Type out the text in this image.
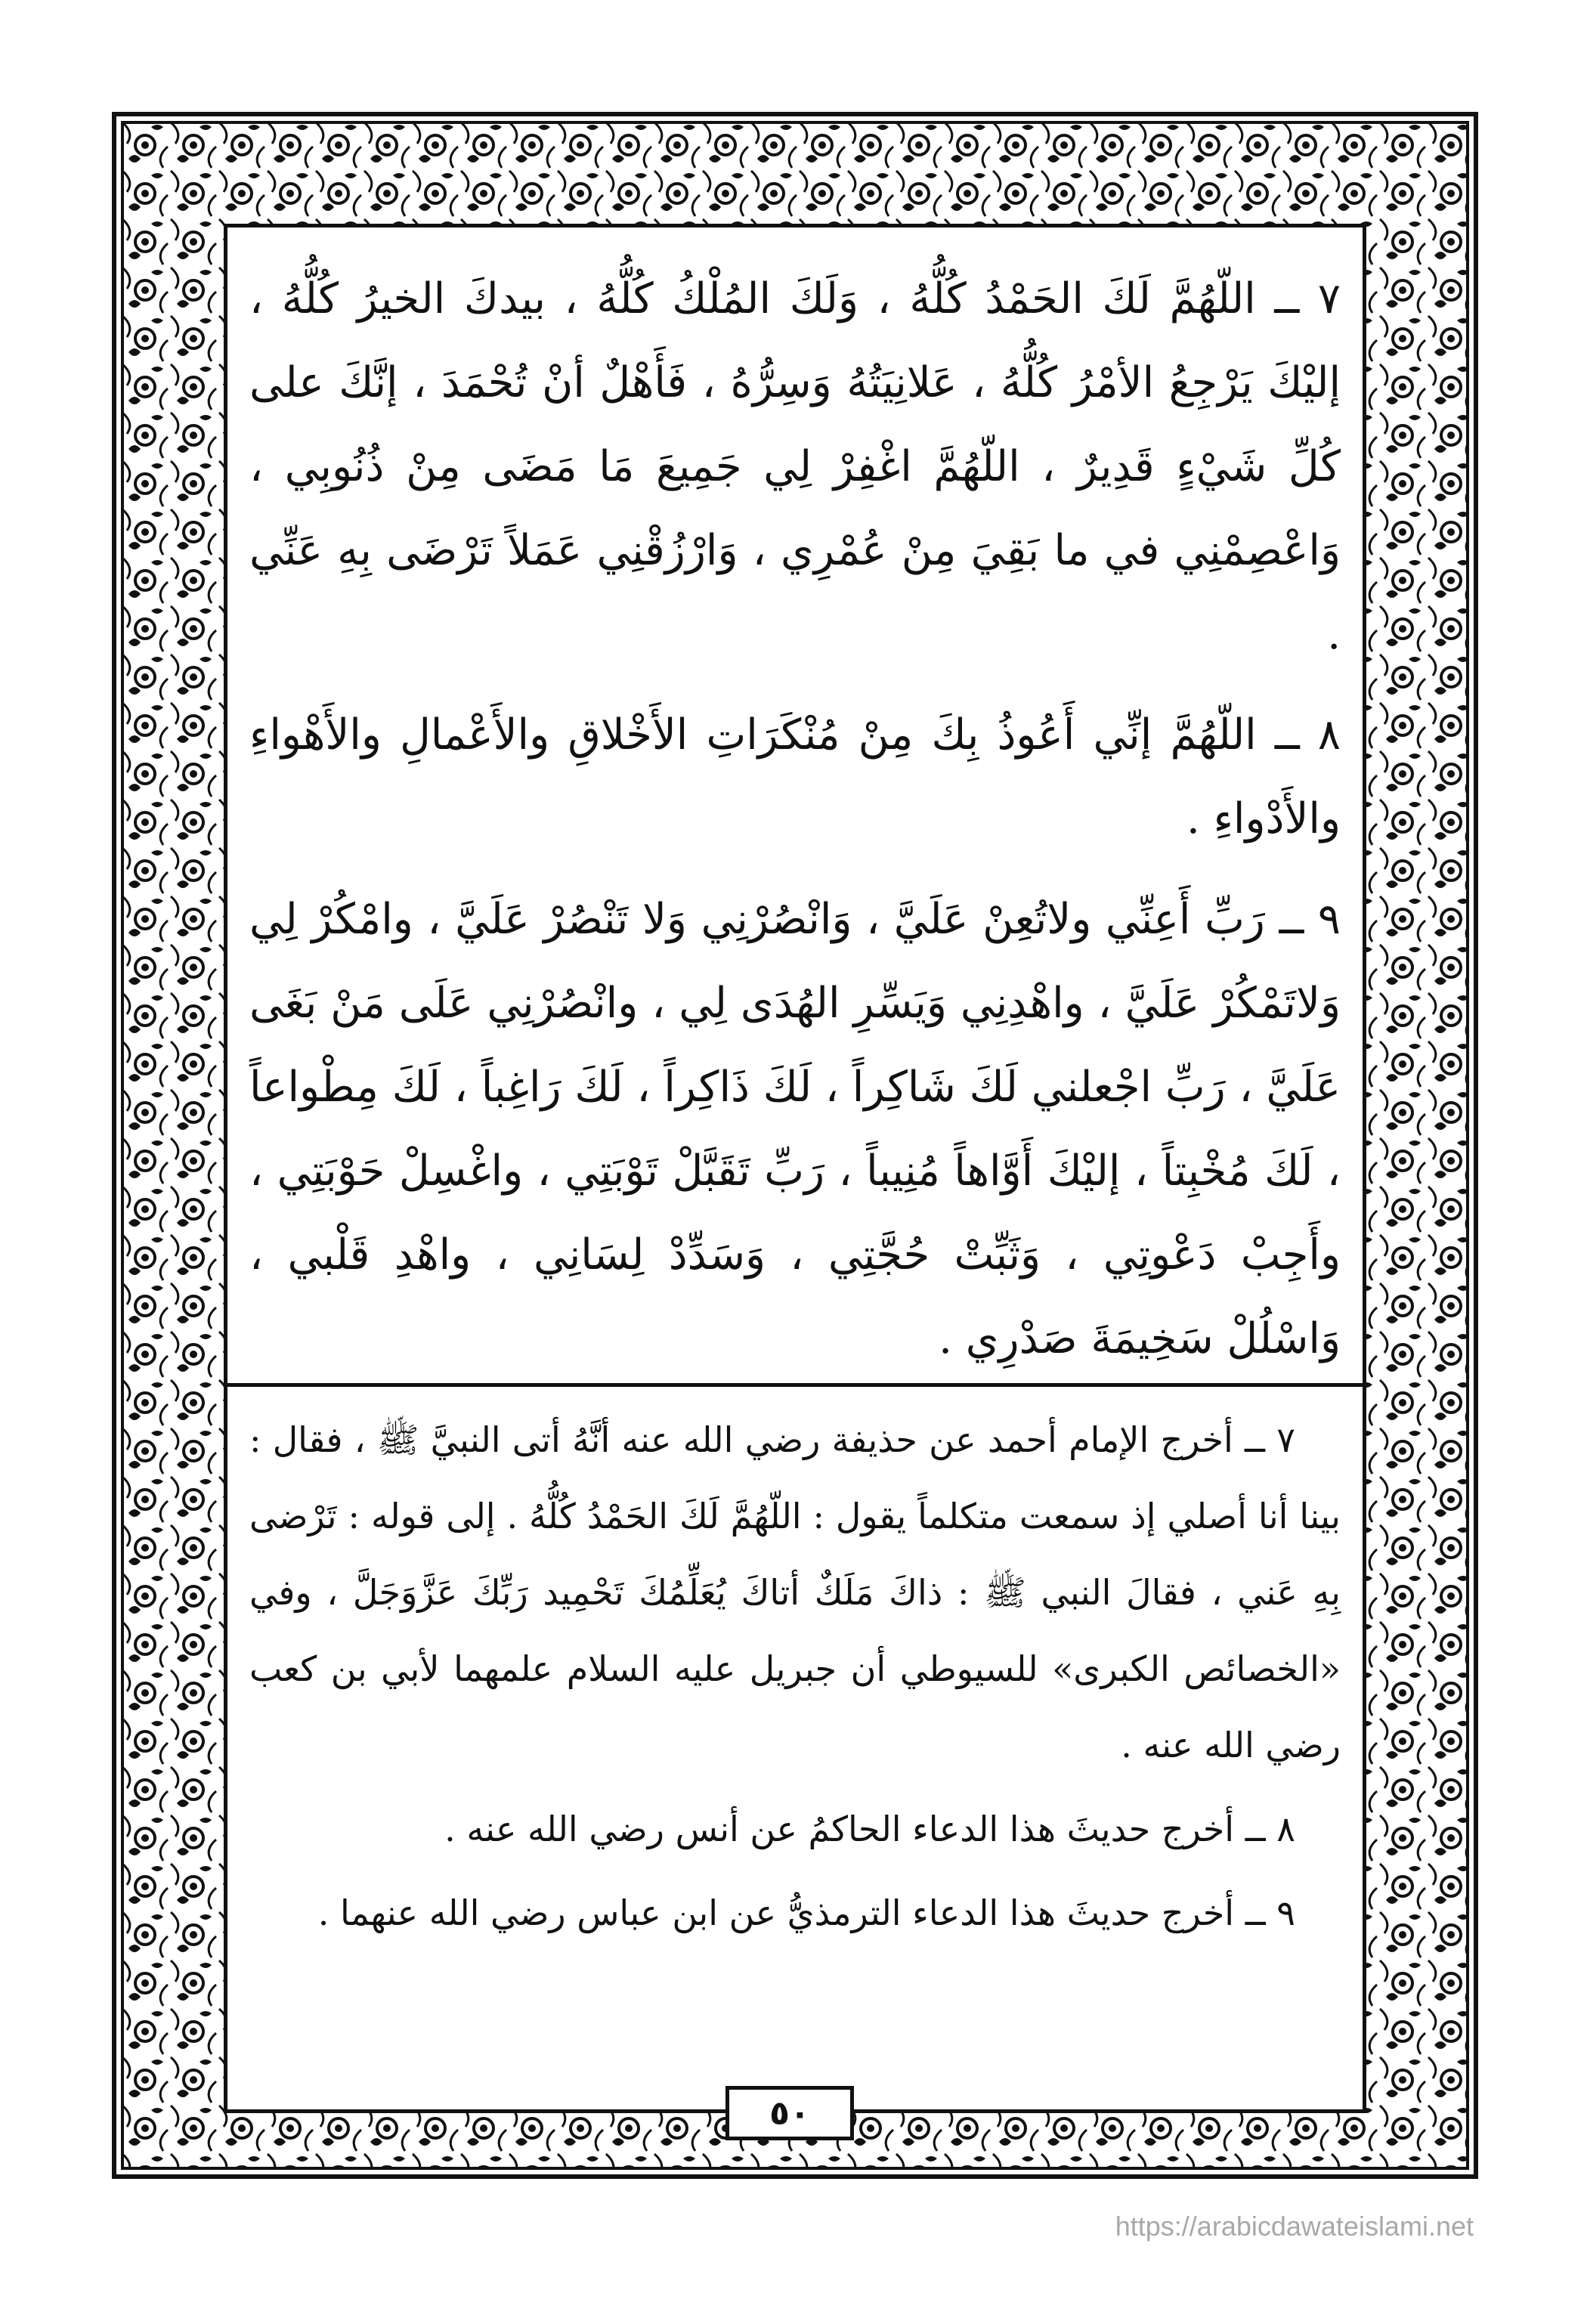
٧ ــ اللّهُمَّ لَكَ الحَمْدُ كُلُّهُ ، وَلَكَ المُلْكُ كُلُّهُ ، بيدكَ الخيرُ كُلُّهُ ، إليْكَ يَرْجِعُ الأمْرُ كُلُّهُ ، عَلانِيَتُهُ وَسِرُّهُ ، فَأَهْلٌ أنْ تُحْمَدَ ، إنَّكَ على كُلِّ شَيْءٍ قَدِيرٌ ، اللّهُمَّ اغْفِرْ لِي جَمِيعَ مَا مَضَى مِنْ ذُنُوبِي ، وَاعْصِمْنِي في ما بَقِيَ مِنْ عُمْرِي ، وَارْزُقْنِي عَمَلاً تَرْضَى بِهِ عَنِّي .

٨ ــ اللّهُمَّ إنِّي أَعُوذُ بِكَ مِنْ مُنْكَرَاتِ الأَخْلاقِ والأَعْمالِ والأَهْواءِ والأَدْواءِ .

٩ ــ رَبِّ أَعِنِّي ولاتُعِنْ عَلَيَّ ، وَانْصُرْنِي وَلا تَنْصُرْ عَلَيَّ ، وامْكُرْ لِي وَلاتَمْكُرْ عَلَيَّ ، واهْدِنِي وَيَسِّرِ الهُدَى لِي ، وانْصُرْنِي عَلَى مَنْ بَغَى عَلَيَّ ، رَبِّ اجْعلني لَكَ شَاكِراً ، لَكَ ذَاكِراً ، لَكَ رَاغِباً ، لَكَ مِطْواعاً ، لَكَ مُخْبِتاً ، إليْكَ أَوَّاهاً مُنِيباً ، رَبِّ تَقَبَّلْ تَوْبَتِي ، واغْسِلْ حَوْبَتِي ، وأَجِبْ دَعْوتِي ، وَثَبِّتْ حُجَّتِي ، وَسَدِّدْ لِسَانِي ، واهْدِ قَلْبي ، وَاسْلُلْ سَخِيمَةَ صَدْرِي .

٧ ــ أخرج الإمام أحمد عن حذيفة رضي الله عنه أنَّهُ أتى النبيَّ ﷺ ، فقال : بينا أنا أصلي إذ سمعت متكلماً يقول : اللّهُمَّ لَكَ الحَمْدُ كُلُّهُ . إلى قوله : تَرْضى بِهِ عَني ، فقالَ النبي ﷺ : ذاكَ مَلَكٌ أتاكَ يُعَلِّمُكَ تَحْمِيد رَبِّكَ عَزَّوَجَلَّ ، وفي «الخصائص الكبرى» للسيوطي أن جبريل عليه السلام علمهما لأبي بن كعب رضي الله عنه .

٨ ــ أخرج حديثَ هذا الدعاء الحاكمُ عن أنس رضي الله عنه .

٩ ــ أخرج حديثَ هذا الدعاء الترمذيُّ عن ابن عباس رضي الله عنهما .

٥٠
https://arabicdawateislami.net
